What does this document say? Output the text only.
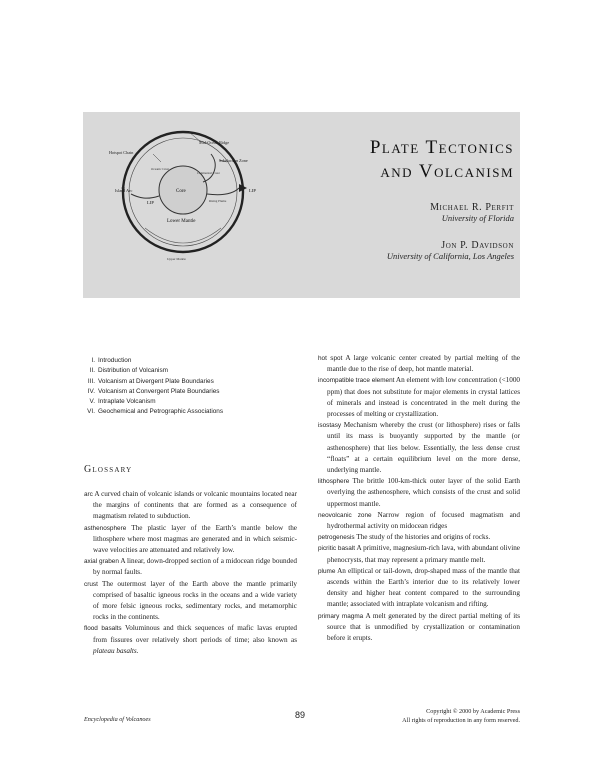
Mid-Ocean Ridge
Hotspot Chain
Subduction Zone
Island Arc	Core
Lower Mantle
LIP
LIP
Upper Mantle
Oceanic Crust
Continental Crust
Rising Plume
Plate Tectonics
and Volcanism
Michael R. Perfit
University of Florida
Jon P. Davidson
University of California, Los Angeles
I. Introduction
II. Distribution of Volcanism
III. Volcanism at Divergent Plate Boundaries
IV. Volcanism at Convergent Plate Boundaries
V. Intraplate Volcanism
VI. Geochemical and Petrographic Associations
Glossary

arc A curved chain of volcanic islands or volcanic mountains located near the margins of continents that are formed as a consequence of magmatism related to subduction.

asthenosphere The plastic layer of the Earth’s mantle below the lithosphere where most magmas are generated and in which seismic-wave velocities are attenuated and relatively low.

axial graben A linear, down-dropped section of a midocean ridge bounded by normal faults.

crust The outermost layer of the Earth above the mantle primarily comprised of basaltic igneous rocks in the oceans and a wide variety of more felsic igneous rocks, sedimentary rocks, and metamorphic rocks in the continents.

flood basalts Voluminous and thick sequences of mafic lavas erupted from fissures over relatively short periods of time; also known as plateau basalts.

hot spot A large volcanic center created by partial melting of the mantle due to the rise of deep, hot mantle material.

incompatible trace element An element with low concentration (<1000 ppm) that does not substitute for major elements in crystal lattices of minerals and instead is concentrated in the melt during the processes of melting or crystallization.

isostasy Mechanism whereby the crust (or lithosphere) rises or falls until its mass is buoyantly supported by the mantle (or asthenosphere) that lies below. Essentially, the less dense crust “floats” at a certain equilibrium level on the more dense, underlying mantle.

lithosphere The brittle 100-km-thick outer layer of the solid Earth overlying the asthenosphere, which consists of the crust and solid uppermost mantle.

neovolcanic zone Narrow region of focused magmatism and hydrothermal activity on midocean ridges

petrogenesis The study of the histories and origins of rocks.

picritic basalt A primitive, magnesium-rich lava, with abundant olivine phenocrysts, that may represent a primary mantle melt.

plume An elliptical or tail-down, drop-shaped mass of the mantle that ascends within the Earth’s interior due to its relatively lower density and higher heat content compared to the surrounding mantle; associated with intraplate volcanism and rifting.

primary magma A melt generated by the direct partial melting of its source that is unmodified by crystallization or contamination before it erupts.

Encyclopedia of Volcanoes	89	Copyright © 2000 by Academic Press
All rights of reproduction in any form reserved.
